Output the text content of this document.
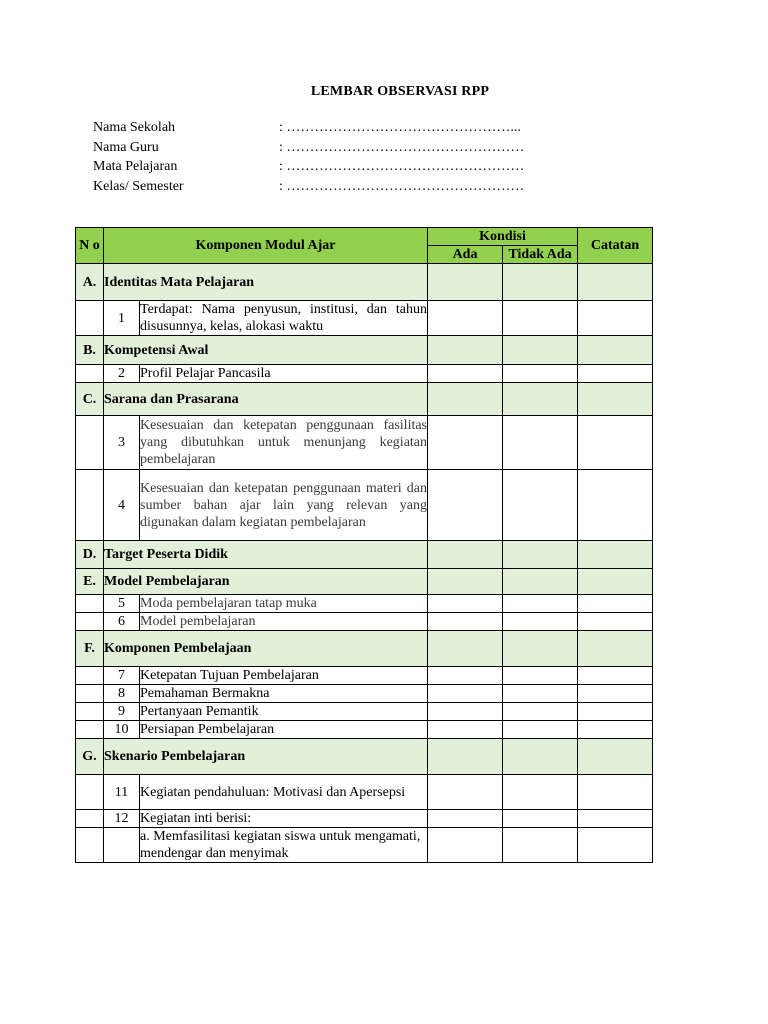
LEMBAR OBSERVASI RPP
Nama Sekolah	: …………………………………………...
Nama Guru	: ……………………………………………
Mata Pelajaran	: ……………………………………………
Kelas/ Semester	: ……………………………………………
N o	Komponen Modul Ajar		Kondisi		Catatan
			Ada	Tidak Ada	
A.	Identitas Mata Pelajaran				
	1	Terdapat: Nama penyusun, institusi, dan tahun disusunnya, kelas, alokasi waktu			
B.	Kompetensi Awal				
	2	Profil Pelajar Pancasila			
C.	Sarana dan Prasarana				
	3	Kesesuaian dan ketepatan penggunaan fasilitas yang dibutuhkan untuk menunjang kegiatan pembelajaran			
	4	Kesesuaian dan ketepatan penggunaan materi dan sumber bahan ajar lain yang relevan yang digunakan dalam kegiatan pembelajaran			
D.	Target Peserta Didik				
E.	Model Pembelajaran				
	5	Moda pembelajaran tatap muka			
	6	Model pembelajaran			
F.	Komponen Pembelajaan				
	7	Ketepatan Tujuan Pembelajaran			
	8	Pemahaman Bermakna			
	9	Pertanyaan Pemantik			
	10	Persiapan Pembelajaran			
G.	Skenario Pembelajaran				
	11	Kegiatan pendahuluan: Motivasi dan Apersepsi			
	12	Kegiatan inti berisi:			
		a. Memfasilitasi kegiatan siswa untuk mengamati, mendengar dan menyimak			
